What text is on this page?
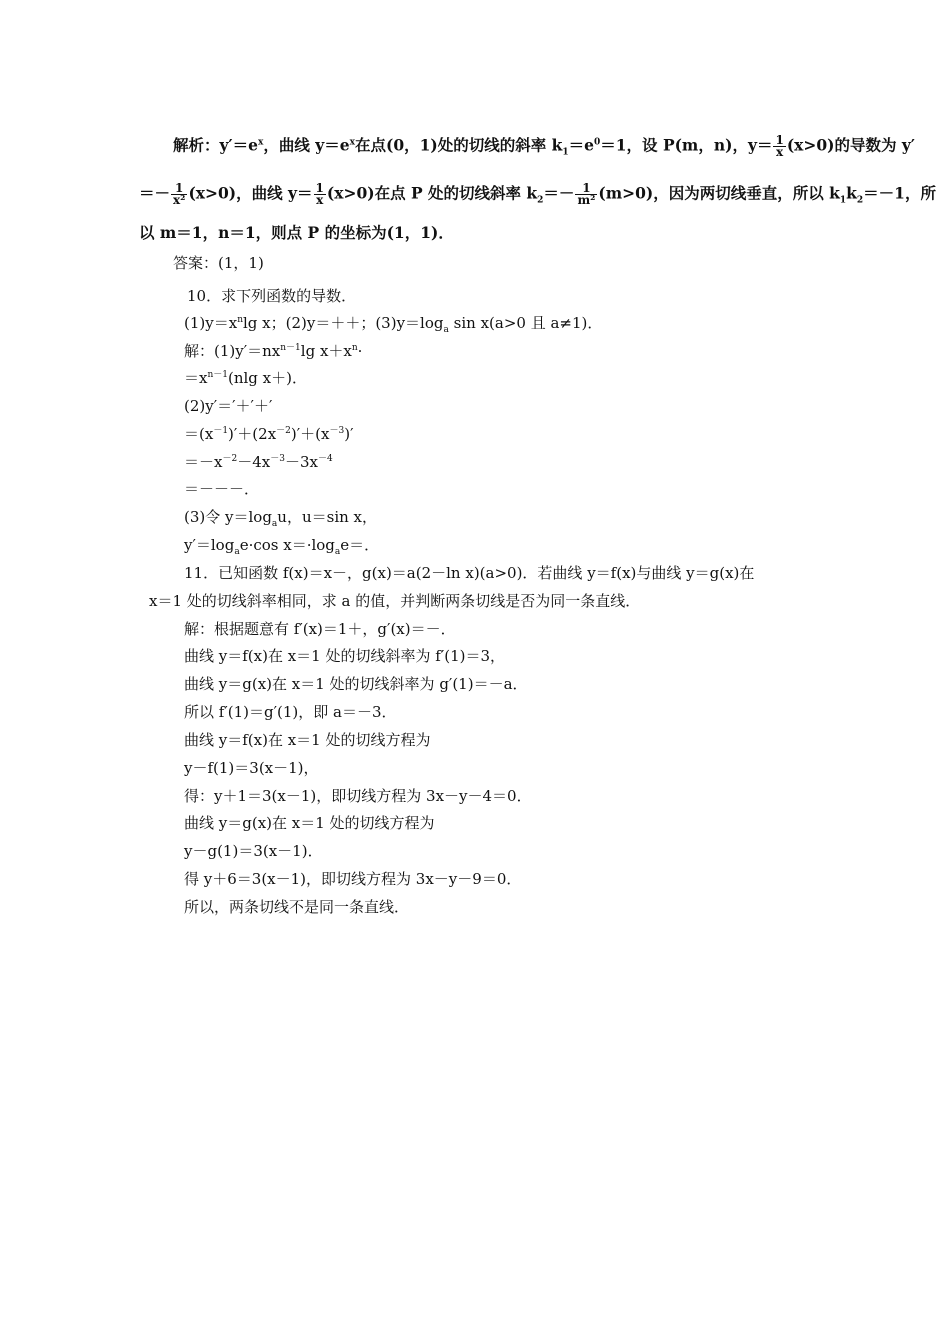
解析：$y'=e^x$，曲线 $y=e^x$在点(0，1)处的切线的斜率 $k_1=e^0=1$，设 P(m，n)，$y= \frac{1}{x} (x>0)$的导数为 y′
＝－ $\frac{1}{\text{x²}} (x>0)$，曲线 $y= \frac{1}{x} (x>0)$在点 P 处的切线斜率 $k_2=- \frac{1}{\text{m²}} (m>0)$，因为两切线垂直，所以 $k_1k_2=-1$，所
以 m＝1，n＝1，则点 P 的坐标为(1，1)．
答案：(1，1)
10．求下列函数的导数．
$(1)y=x^n\lg$ x；(2)y＝＋＋；$(3)y=\log_a$ sin x(a>0 且 a≠1)．
解：$(1)y'=nx^{n-1}\lg$ $x+x^n\cdot$
$=x^{n-1}(nlg$ x＋)．
(2)y′＝′＋′＋′
$=(x^{-1})'+(2x^{-2})'+(x^{-3})'$
$=-x^{-2}-4x^{-3}-3x^{-4}$
＝－－－．
(3)令 $y=\log_au$，u＝sin x，
$y'=\log_ae\cdot\cos$ $x=\cdot\log_ae=$．
11．已知函数 f(x)＝x－，g(x)＝a(2－ln x)(a>0)．若曲线 y＝f(x)与曲线 y＝g(x)在
x＝1 处的切线斜率相同，求 a 的值，并判断两条切线是否为同一条直线．
解：根据题意有 f′(x)＝1＋，g′(x)＝－．
曲线 y＝f(x)在 x＝1 处的切线斜率为 f′(1)＝3，
曲线 y＝g(x)在 x＝1 处的切线斜率为 g′(1)＝－a．
所以 f′(1)＝g′(1)，即 a＝－3．
曲线 y＝f(x)在 x＝1 处的切线方程为
y－f(1)＝3(x－1)，
得：y＋1＝3(x－1)，即切线方程为 3x－y－4＝0．
曲线 y＝g(x)在 x＝1 处的切线方程为
y－g(1)＝3(x－1)．
得 y＋6＝3(x－1)，即切线方程为 3x－y－9＝0．
所以，两条切线不是同一条直线．
